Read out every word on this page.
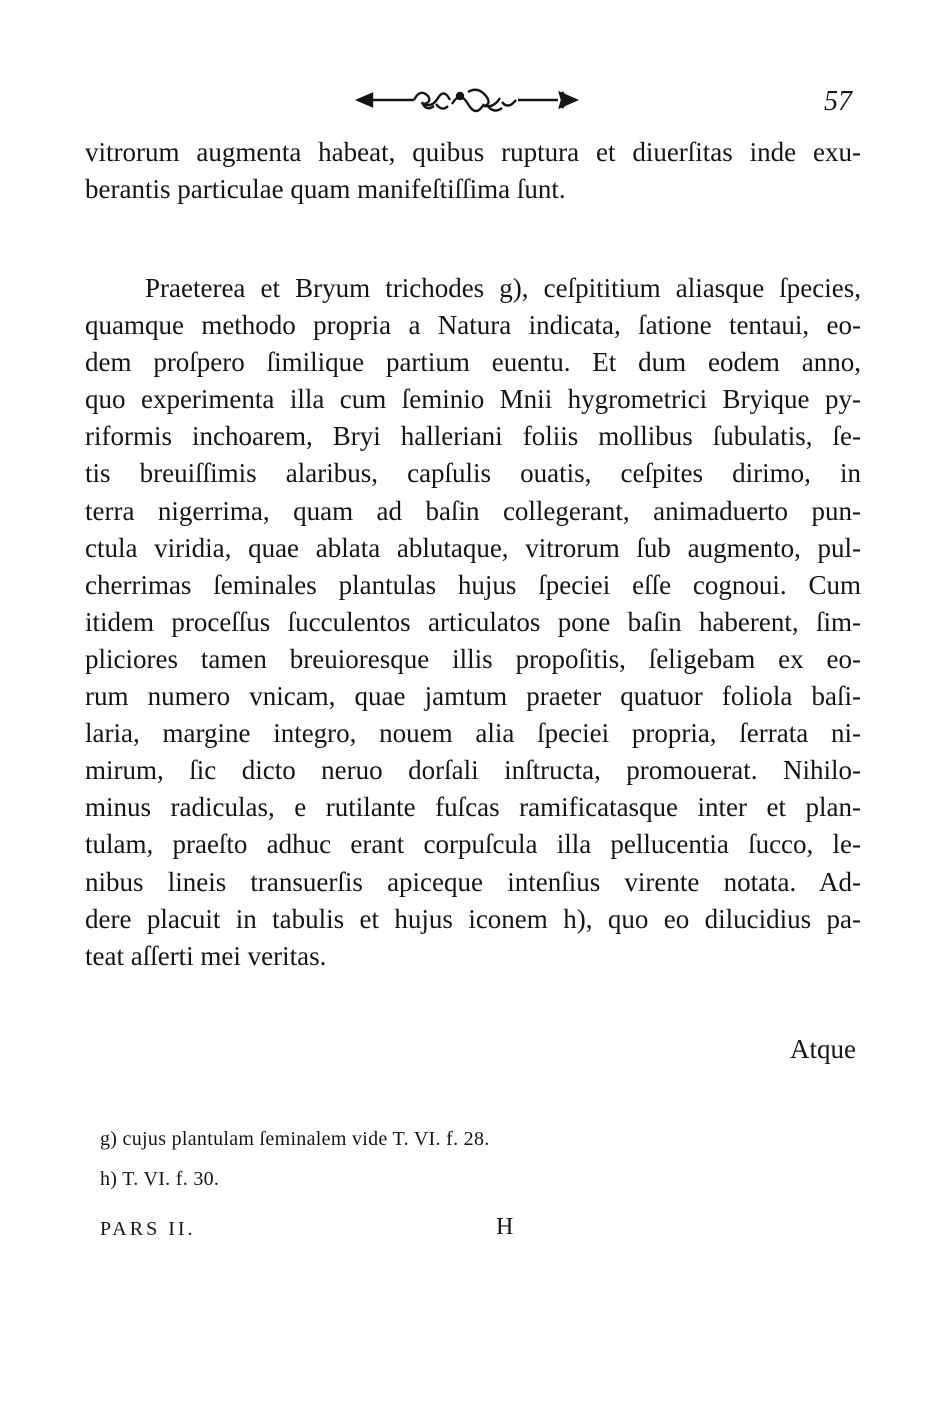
57
vitrorum augmenta habeat, quibus ruptura et diuerſitas inde exu-
berantis particulae quam manifeſtiſſima ſunt.
Praeterea et Bryum trichodes g), ceſpititium aliasque ſpecies,
quamque methodo propria a Natura indicata, ſatione tentaui, eo-
dem proſpero ſimilique partium euentu. Et dum eodem anno,
quo experimenta illa cum ſeminio Mnii hygrometrici Bryique py-
riformis inchoarem, Bryi halleriani foliis mollibus ſubulatis, ſe-
tis breuiſſimis alaribus, capſulis ouatis, ceſpites dirimo, in
terra nigerrima, quam ad baſin collegerant, animaduerto pun-
ctula viridia, quae ablata ablutaque, vitrorum ſub augmento, pul-
cherrimas ſeminales plantulas hujus ſpeciei eſſe cognoui. Cum
itidem proceſſus ſucculentos articulatos pone baſin haberent, ſim-
pliciores tamen breuioresque illis propoſitis, ſeligebam ex eo-
rum numero vnicam, quae jamtum praeter quatuor foliola baſi-
laria, margine integro, nouem alia ſpeciei propria, ſerrata ni-
mirum, ſic dicto neruo dorſali inſtructa, promouerat. Nihilo-
minus radiculas, e rutilante fuſcas ramificatasque inter et plan-
tulam, praeſto adhuc erant corpuſcula illa pellucentia ſucco, le-
nibus lineis transuerſis apiceque intenſius virente notata. Ad-
dere placuit in tabulis et hujus iconem h), quo eo dilucidius pa-
teat aſſerti mei veritas.
Atque
g) cujus plantulam ſeminalem vide T. VI. f. 28.
h) T. VI. f. 30.
PARS II.	H
